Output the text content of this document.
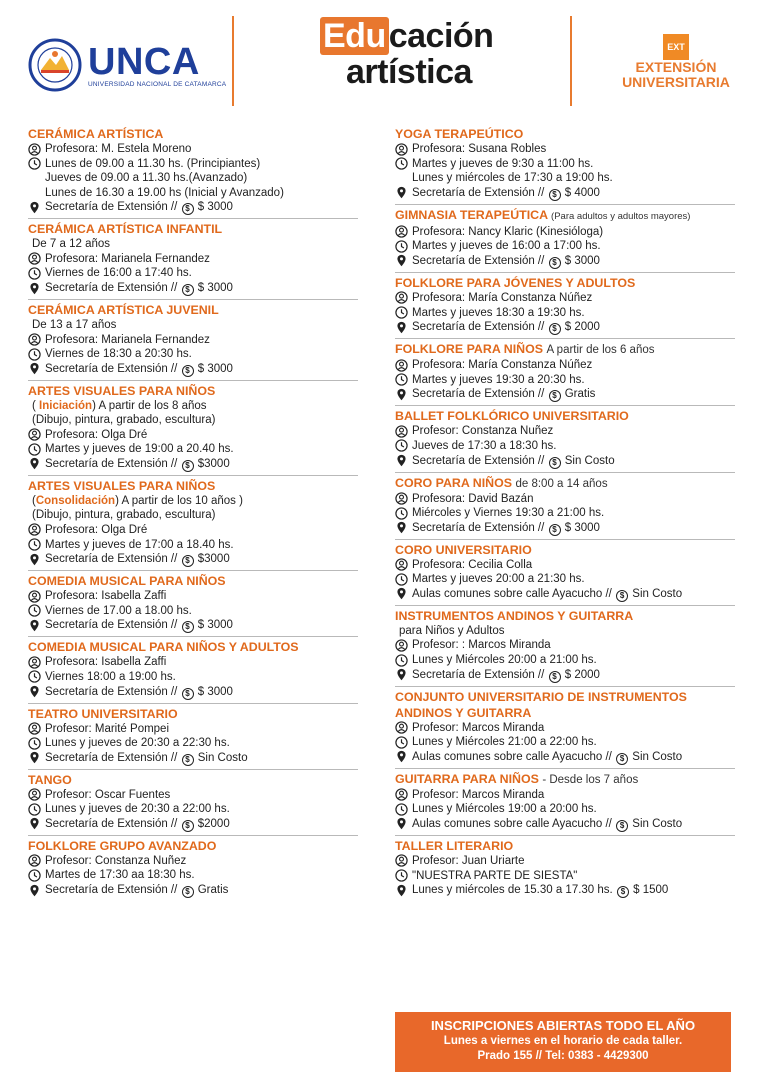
UNCA
UNIVERSIDAD NACIONAL DE CATAMARCA
Educación
artística
EXT
EXTENSIÓN
UNIVERSITARIA
CERÁMICA ARTÍSTICA
Profesora: M. Estela Moreno
Lunes de 09.00 a 11.30 hs. (Principiantes)
Jueves de 09.00 a 11.30 hs.(Avanzado)
Lunes de 16.30 a 19.00 hs (Inicial y Avanzado)
Secretaría de Extensión // $ $ 3000
CERÁMICA ARTÍSTICA INFANTIL
De 7 a 12 años
Profesora: Marianela Fernandez
Viernes de 16:00 a 17:40 hs.
Secretaría de Extensión // $ $ 3000
CERÁMICA ARTÍSTICA JUVENIL
De 13 a 17 años
Profesora: Marianela Fernandez
Viernes de 18:30 a 20:30 hs.
Secretaría de Extensión // $ $ 3000
ARTES VISUALES PARA NIÑOS
( Iniciación) A partir de los 8 años
(Dibujo, pintura, grabado, escultura)
Profesora: Olga Dré
Martes y jueves de 19:00 a 20.40 hs.
Secretaría de Extensión // $ $3000
ARTES VISUALES PARA NIÑOS
(Consolidación) A partir de los 10 años )
(Dibujo, pintura, grabado, escultura)
Profesora: Olga Dré
Martes y jueves de 17:00 a 18.40 hs.
Secretaría de Extensión // $ $3000
COMEDIA MUSICAL PARA NIÑOS
Profesora: Isabella Zaffi
Viernes de 17.00 a 18.00 hs.
Secretaría de Extensión // $ $ 3000
COMEDIA MUSICAL PARA NIÑOS Y ADULTOS
Profesora: Isabella Zaffi
Viernes 18:00 a 19:00 hs.
Secretaría de Extensión // $ $ 3000
TEATRO UNIVERSITARIO
Profesor: Marité Pompei
Lunes y jueves de 20:30 a 22:30 hs.
Secretaría de Extensión // $ Sin Costo
TANGO
Profesor: Oscar Fuentes
Lunes y jueves de 20:30 a 22:00 hs.
Secretaría de Extensión // $ $2000
FOLKLORE GRUPO AVANZADO
Profesor: Constanza Nuñez
Martes de 17:30 aa 18:30 hs.
Secretaría de Extensión // $ Gratis
YOGA TERAPEÚTICO
Profesora: Susana Robles
Martes y jueves de 9:30 a 11:00 hs.
Lunes y miércoles de 17:30 a 19:00 hs.
Secretaría de Extensión // $ $ 4000
GIMNASIA TERAPEÚTICA (Para adultos y adultos mayores)
Profesora: Nancy Klaric (Kinesióloga)
Martes y jueves de 16:00 a 17:00 hs.
Secretaría de Extensión // $ $ 3000
FOLKLORE PARA JÓVENES Y ADULTOS
Profesora: María Constanza Núñez
Martes y jueves 18:30 a 19:30 hs.
Secretaría de Extensión // $ $ 2000
FOLKLORE PARA NIÑOS A partir de los 6 años
Profesora: María Constanza Núñez
Martes y jueves 19:30 a 20:30 hs.
Secretaría de Extensión // $ Gratis
BALLET FOLKLÓRICO UNIVERSITARIO
Profesor: Constanza Nuñez
Jueves de 17:30 a 18:30 hs.
Secretaría de Extensión // $ Sin Costo
CORO PARA NIÑOS de 8:00 a 14 años
Profesora: David Bazán
Miércoles y Viernes 19:30 a 21:00 hs.
Secretaría de Extensión // $ $ 3000
CORO UNIVERSITARIO
Profesora: Cecilia Colla
Martes y jueves 20:00 a 21:30 hs.
Aulas comunes sobre calle Ayacucho // $ Sin Costo
INSTRUMENTOS ANDINOS Y GUITARRA
para Niños y Adultos
Profesor: : Marcos Miranda
Lunes y Miércoles 20:00 a 21:00 hs.
Secretaría de Extensión // $ $ 2000
CONJUNTO UNIVERSITARIO DE INSTRUMENTOS
ANDINOS Y GUITARRA
Profesor: Marcos Miranda
Lunes y Miércoles 21:00 a 22:00 hs.
Aulas comunes sobre calle Ayacucho // $ Sin Costo
GUITARRA PARA NIÑOS - Desde los 7 años
Profesor: Marcos Miranda
Lunes y Miércoles 19:00 a 20:00 hs.
Aulas comunes sobre calle Ayacucho // $ Sin Costo
TALLER LITERARIO
Profesor: Juan Uriarte
"NUESTRA PARTE DE SIESTA"
Lunes y miércoles de 15.30 a 17.30 hs. $ $ 1500
INSCRIPCIONES ABIERTAS TODO EL AÑO
Lunes a viernes en el horario de cada taller.
Prado 155 // Tel: 0383 - 4429300
